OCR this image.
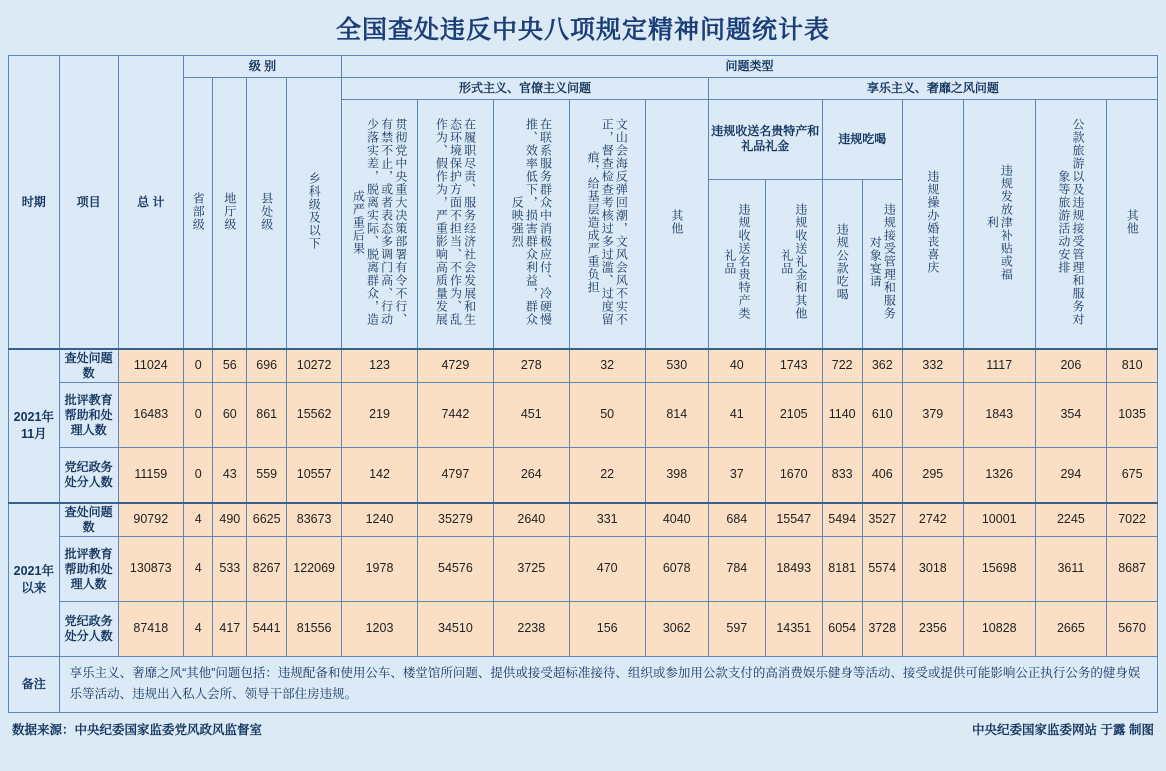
全国查处违反中央八项规定精神问题统计表
时期	项目	总 计	级 别				问题类型												
			省部级	地厅级	县处级	乡科级及以下	形式主义、官僚主义问题					享乐主义、奢靡之风问题							
							贯彻党中央重大决策部署有令不行、有禁不止，或者表态多调门高、行动少落实差，脱离实际、脱离群众，造成严重后果	在履职尽责、服务经济社会发展和生态环境保护方面不担当、不作为、乱作为、假作为，严重影响高质量发展	在联系服务群众中消极应付、冷硬慢推、效率低下，损害群众利益，群众反映强烈	文山会海反弹回潮，文风会风不实不正，督查检查考核过多过滥、过度留痕，给基层造成严重负担	其他	违规收送名贵特产和礼品礼金		违规吃喝		违规操办婚丧喜庆	违规发放津补贴或福利	公款旅游以及违规接受管理和服务对象等旅游活动安排	其他
												违规收送名贵特产类礼品	违规收送礼金和其他礼品	违规公款吃喝	违规接受管理和服务对象宴请				
2021年11月	查处问题数	11024	0	56	696	10272	123	4729	278	32	530	40	1743	722	362	332	1117	206	810
	批评教育帮助和处理人数	16483	0	60	861	15562	219	7442	451	50	814	41	2105	1140	610	379	1843	354	1035
	党纪政务处分人数	11159	0	43	559	10557	142	4797	264	22	398	37	1670	833	406	295	1326	294	675
2021年以来	查处问题数	90792	4	490	6625	83673	1240	35279	2640	331	4040	684	15547	5494	3527	2742	10001	2245	7022
	批评教育帮助和处理人数	130873	4	533	8267	122069	1978	54576	3725	470	6078	784	18493	8181	5574	3018	15698	3611	8687
	党纪政务处分人数	87418	4	417	5441	81556	1203	34510	2238	156	3062	597	14351	6054	3728	2356	10828	2665	5670
备注	享乐主义、奢靡之风“其他”问题包括：违规配备和使用公车、楼堂馆所问题、提供或接受超标准接待、组织或参加用公款支付的高消费娱乐健身等活动、接受或提供可能影响公正执行公务的健身娱乐等活动、违规出入私人会所、领导干部住房违规。																		
数据来源：中央纪委国家监委党风政风监督室	中央纪委国家监委网站 于露 制图
